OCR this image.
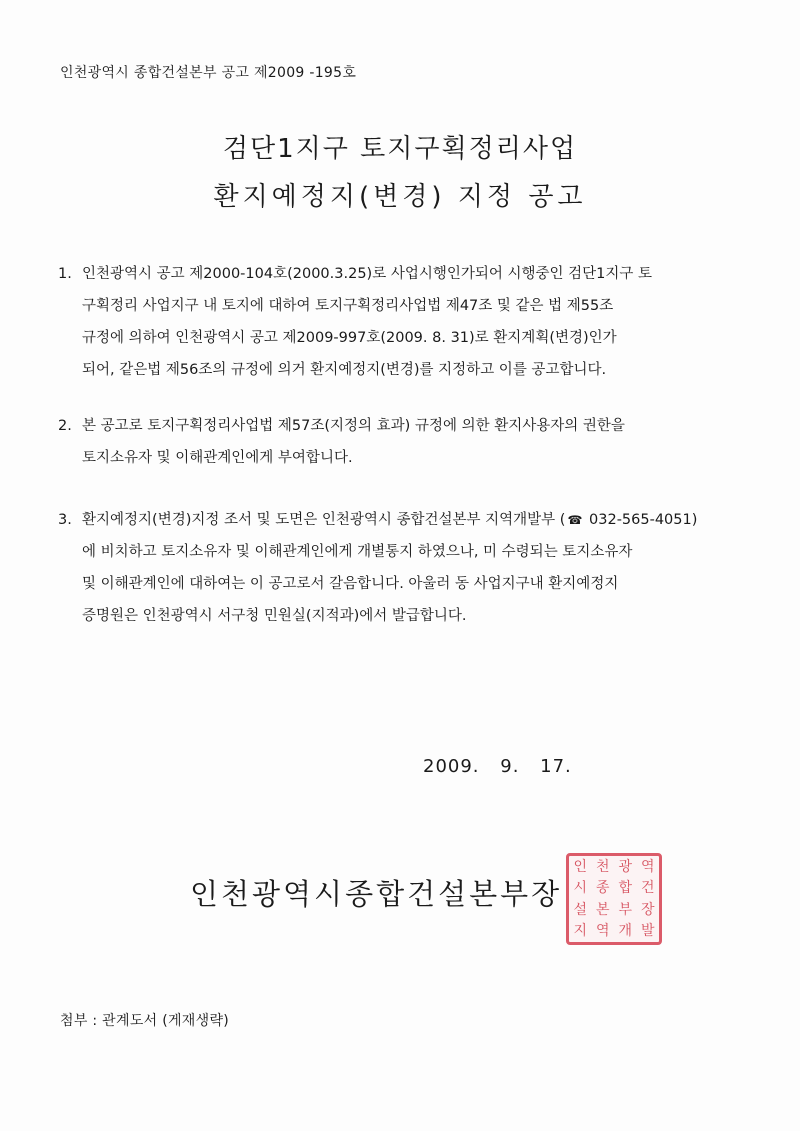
인천광역시 종합건설본부 공고 제2009 -195호
검단1지구 토지구획정리사업
환지예정지(변경) 지정 공고
1. 인천광역시 공고 제2000-104호(2000.3.25)로 사업시행인가되어 시행중인 검단1지구 토
구획정리 사업지구 내 토지에 대하여 토지구획정리사업법 제47조 및 같은 법 제55조
규정에 의하여 인천광역시 공고 제2009-997호(2009. 8. 31)로 환지계획(변경)인가
되어, 같은법 제56조의 규정에 의거 환지예정지(변경)를 지정하고 이를 공고합니다.
2. 본 공고로 토지구획정리사업법 제57조(지정의 효과) 규정에 의한 환지사용자의 권한을
토지소유자 및 이해관계인에게 부여합니다.
3. 환지예정지(변경)지정 조서 및 도면은 인천광역시 종합건설본부 지역개발부 ( ☎ 032-565-4051)
에 비치하고 토지소유자 및 이해관계인에게 개별통지 하였으나, 미 수령되는 토지소유자
및 이해관계인에 대하여는 이 공고로서 갈음합니다. 아울러 동 사업지구내 환지예정지
증명원은 인천광역시 서구청 민원실(지적과)에서 발급합니다.
2009. 9. 17.
인천광역시종합건설본부장
인 천 광 역
시 종 합 건
설 본 부 장
지 역 개 발
첨부 : 관계도서 (게재생략)
